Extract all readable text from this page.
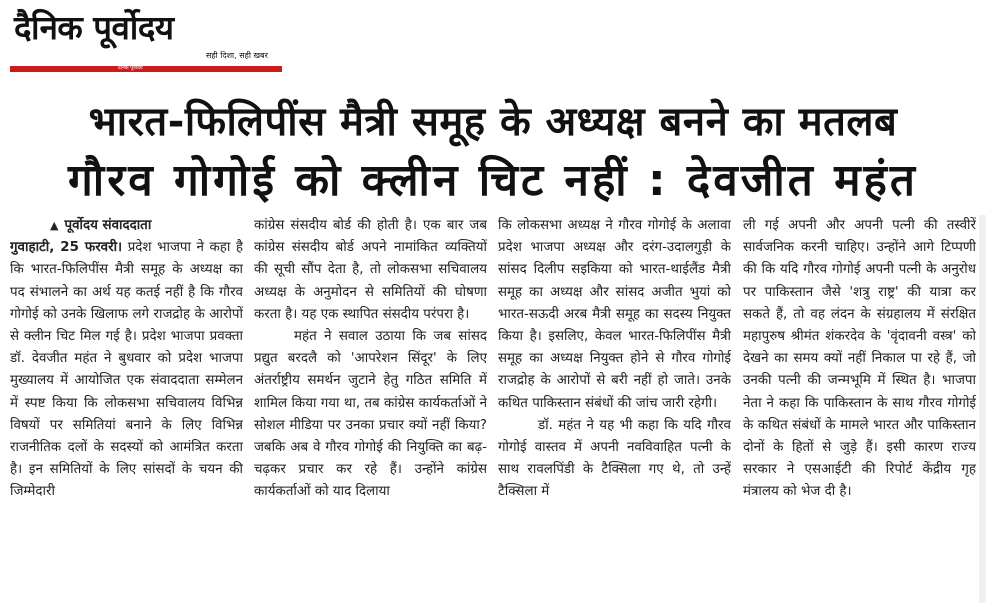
दैनिक पूर्वोदय
सही दिशा, सही खबर
दैनिक पूर्वोदय
भारत-फिलिपींस मैत्री समूह के अध्यक्ष बनने का मतलब
गौरव गोगोई को क्लीन चिट नहीं : देवजीत महंत
▲ पूर्वोदय संवाददाता
गुवाहाटी, 25 फरवरी। प्रदेश भाजपा ने कहा है कि भारत-फिलिपींस मैत्री समूह के अध्यक्ष का पद संभालने का अर्थ यह कतई नहीं है कि गौरव गोगोई को उनके खिलाफ लगे राजद्रोह के आरोपों से क्लीन चिट मिल गई है। प्रदेश भाजपा प्रवक्ता डॉ. देवजीत महंत ने बुधवार को प्रदेश भाजपा मुख्यालय में आयोजित एक संवाददाता सम्मेलन में स्पष्ट किया कि लोकसभा सचिवालय विभिन्न विषयों पर समितियां बनाने के लिए विभिन्न राजनीतिक दलों के सदस्यों को आमंत्रित करता है। इन समितियों के लिए सांसदों के चयन की जिम्मेदारी
कांग्रेस संसदीय बोर्ड की होती है। एक बार जब कांग्रेस संसदीय बोर्ड अपने नामांकित व्यक्तियों की सूची सौंप देता है, तो लोकसभा सचिवालय अध्यक्ष के अनुमोदन से समितियों की घोषणा करता है। यह एक स्थापित संसदीय परंपरा है।
महंत ने सवाल उठाया कि जब सांसद प्रद्युत बरदलै को 'आपरेशन सिंदूर' के लिए अंतर्राष्ट्रीय समर्थन जुटाने हेतु गठित समिति में शामिल किया गया था, तब कांग्रेस कार्यकर्ताओं ने सोशल मीडिया पर उनका प्रचार क्यों नहीं किया? जबकि अब वे गौरव गोगोई की नियुक्ति का बढ़-चढ़कर प्रचार कर रहे हैं। उन्होंने कांग्रेस कार्यकर्ताओं को याद दिलाया
कि लोकसभा अध्यक्ष ने गौरव गोगोई के अलावा प्रदेश भाजपा अध्यक्ष और दरंग-उदालगुड़ी के सांसद दिलीप सइकिया को भारत-थाईलैंड मैत्री समूह का अध्यक्ष और सांसद अजीत भुयां को भारत-सऊदी अरब मैत्री समूह का सदस्य नियुक्त किया है। इसलिए, केवल भारत-फिलिपींस मैत्री समूह का अध्यक्ष नियुक्त होने से गौरव गोगोई राजद्रोह के आरोपों से बरी नहीं हो जाते। उनके कथित पाकिस्तान संबंधों की जांच जारी रहेगी।
डॉ. महंत ने यह भी कहा कि यदि गौरव गोगोई वास्तव में अपनी नवविवाहित पत्नी के साथ रावलपिंडी के टैक्सिला गए थे, तो उन्हें टैक्सिला में
ली गई अपनी और अपनी पत्नी की तस्वीरें सार्वजनिक करनी चाहिए। उन्होंने आगे टिप्पणी की कि यदि गौरव गोगोई अपनी पत्नी के अनुरोध पर पाकिस्तान जैसे 'शत्रु राष्ट्र' की यात्रा कर सकते हैं, तो वह लंदन के संग्रहालय में संरक्षित महापुरुष श्रीमंत शंकरदेव के 'वृंदावनी वस्त्र' को देखने का समय क्यों नहीं निकाल पा रहे हैं, जो उनकी पत्नी की जन्मभूमि में स्थित है। भाजपा नेता ने कहा कि पाकिस्तान के साथ गौरव गोगोई के कथित संबंधों के मामले भारत और पाकिस्तान दोनों के हितों से जुड़े हैं। इसी कारण राज्य सरकार ने एसआईटी की रिपोर्ट केंद्रीय गृह मंत्रालय को भेज दी है।
